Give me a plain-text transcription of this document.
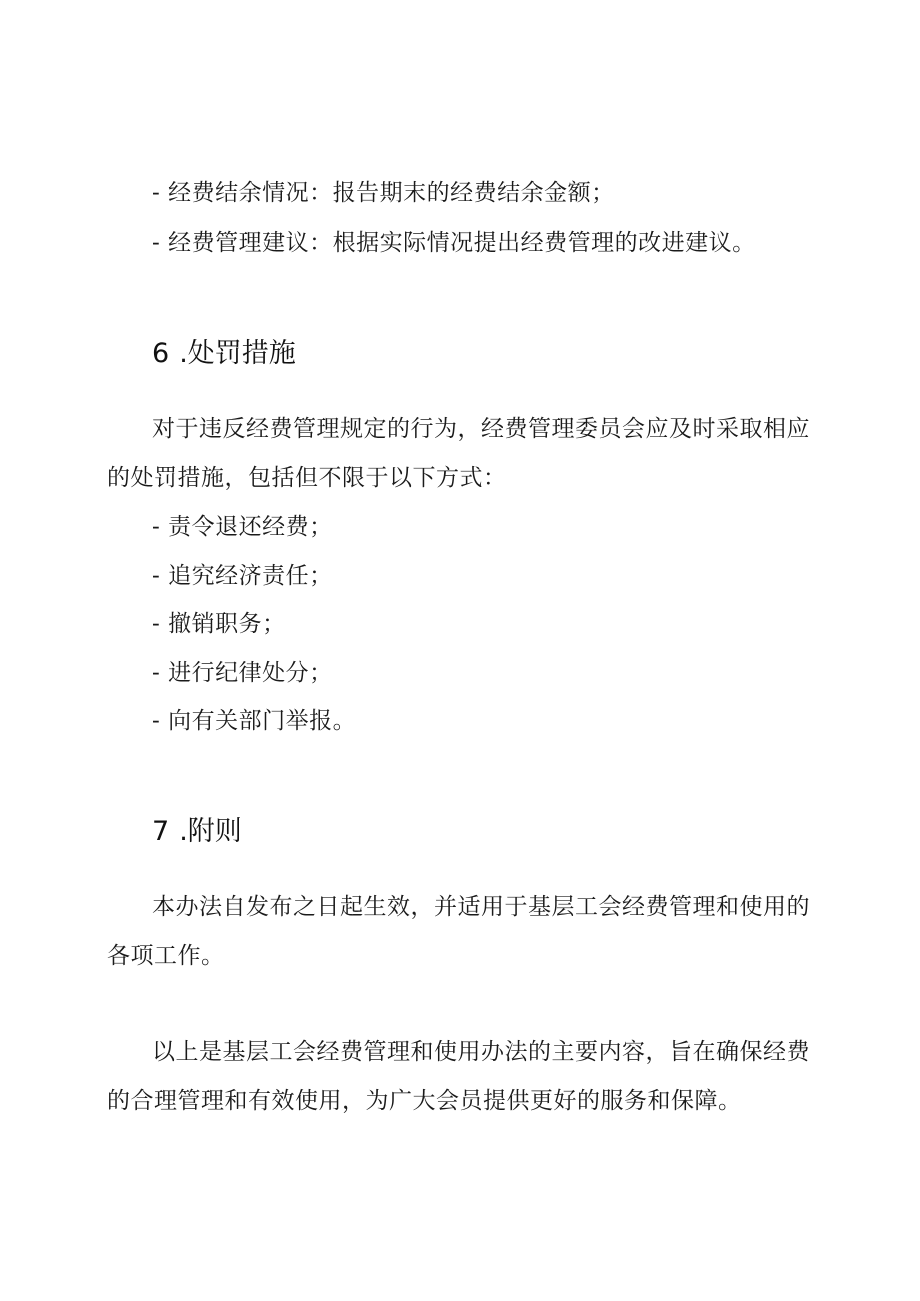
- 经费结余情况：报告期末的经费结余金额；
- 经费管理建议：根据实际情况提出经费管理的改进建议。
6 .处罚措施
对于违反经费管理规定的行为，经费管理委员会应及时采取相应
的处罚措施，包括但不限于以下方式：
- 责令退还经费；
- 追究经济责任；
- 撤销职务；
- 进行纪律处分；
- 向有关部门举报。
7 .附则
本办法自发布之日起生效，并适用于基层工会经费管理和使用的
各项工作。
以上是基层工会经费管理和使用办法的主要内容，旨在确保经费
的合理管理和有效使用，为广大会员提供更好的服务和保障。
